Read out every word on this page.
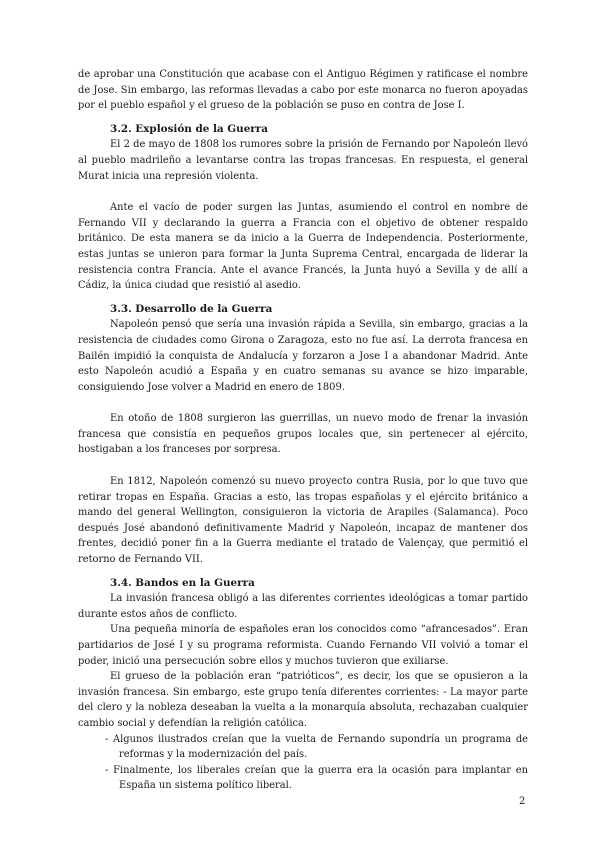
de aprobar una Constitución que acabase con el Antiguo Régimen y ratificase el nombre de Jose. Sin embargo, las reformas llevadas a cabo por este monarca no fueron apoyadas por el pueblo español y el grueso de la población se puso en contra de Jose I.

3.2. Explosión de la Guerra

El 2 de mayo de 1808 los rumores sobre la prisión de Fernando por Napoleón llevó al pueblo madrileño a levantarse contra las tropas francesas. En respuesta, el general Murat inicia una represión violenta.

Ante el vacío de poder surgen las Juntas, asumiendo el control en nombre de Fernando VII y declarando la guerra a Francia con el objetivo de obtener respaldo británico. De esta manera se da inicio a la Guerra de Independencia. Posteriormente, estas juntas se unieron para formar la Junta Suprema Central, encargada de liderar la resistencia contra Francia. Ante el avance Francés, la Junta huyó a Sevilla y de allí a Cádiz, la única ciudad que resistió al asedio.

3.3. Desarrollo de la Guerra

Napoleón pensó que sería una invasión rápida a Sevilla, sin embargo, gracias a la resistencia de ciudades como Girona o Zaragoza, esto no fue así. La derrota francesa en Bailén impidió la conquista de Andalucía y forzaron a Jose I a abandonar Madrid. Ante esto Napoleón acudió a España y en cuatro semanas su avance se hizo imparable, consiguiendo Jose volver a Madrid en enero de 1809.

En otoño de 1808 surgieron las guerrillas, un nuevo modo de frenar la invasión francesa que consistía en pequeños grupos locales que, sin pertenecer al ejército, hostigaban a los franceses por sorpresa.

En 1812, Napoleón comenzó su nuevo proyecto contra Rusia, por lo que tuvo que retirar tropas en España. Gracias a esto, las tropas españolas y el ejército británico a mando del general Wellington, consiguieron la victoria de Arapiles (Salamanca). Poco después José abandonó definitivamente Madrid y Napoleón, incapaz de mantener dos frentes, decidió poner fin a la Guerra mediante el tratado de Valençay, que permitió el retorno de Fernando VII.

3.4. Bandos en la Guerra

La invasión francesa obligó a las diferentes corrientes ideológicas a tomar partido durante estos años de conflicto.

Una pequeña minoría de españoles eran los conocidos como “afrancesados”. Eran partidarios de José I y su programa reformista. Cuando Fernando VII volvió a tomar el poder, inició una persecución sobre ellos y muchos tuvieron que exiliarse.

El grueso de la población eran “patrióticos”, es decir, los que se opusieron a la invasión francesa. Sin embargo, este grupo tenía diferentes corrientes: - La mayor parte del clero y la nobleza deseaban la vuelta a la monarquía absoluta, rechazaban cualquier cambio social y defendían la religión católica.

- Algunos ilustrados creían que la vuelta de Fernando supondría un programa de reformas y la modernización del país.
- Finalmente, los liberales creían que la guerra era la ocasión para implantar en España un sistema político liberal.
2
